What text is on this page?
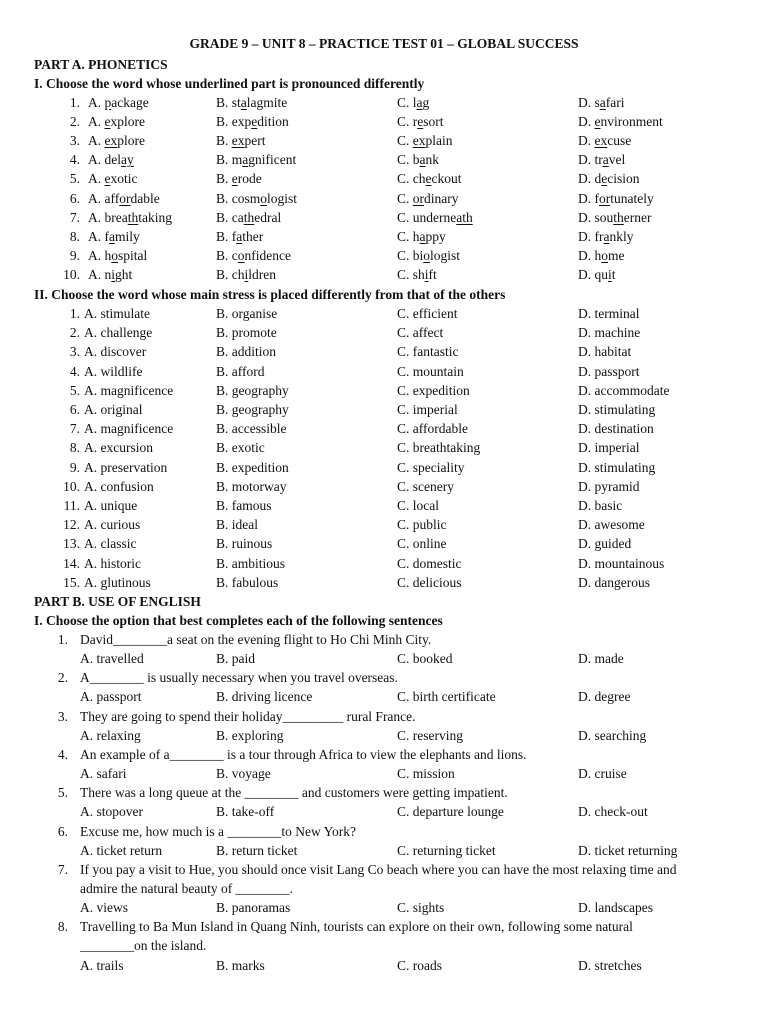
GRADE 9 – UNIT 8 – PRACTICE TEST 01 – GLOBAL SUCCESS
PART A. PHONETICS
I. Choose the word whose underlined part is pronounced differently
1. A. package	B. stalagmite	C. lag	D. safari
2. A. explore	B. expedition	C. resort	D. environment
3. A. explore	B. expert	C. explain	D. excuse
4. A. delay	B. magnificent	C. bank	D. travel
5. A. exotic	B. erode	C. checkout	D. decision
6. A. affordable	B. cosmologist	C. ordinary	D. fortunately
7. A. breathtaking	B. cathedral	C. underneath	D. southerner
8. A. family	B. father	C. happy	D. frankly
9. A. hospital	B. confidence	C. biologist	D. home
10. A. night	B. children	C. shift	D. quit
II. Choose the word whose main stress is placed differently from that of the others
1. A. stimulate	B. organise	C. efficient	D. terminal
2. A. challenge	B. promote	C. affect	D. machine
3. A. discover	B. addition	C. fantastic	D. habitat
4. A. wildlife	B. afford	C. mountain	D. passport
5. A. magnificence	B. geography	C. expedition	D. accommodate
6. A. original	B. geography	C. imperial	D. stimulating
7. A. magnificence	B. accessible	C. affordable	D. destination
8. A. excursion	B. exotic	C. breathtaking	D. imperial
9. A. preservation	B. expedition	C. speciality	D. stimulating
10. A. confusion	B. motorway	C. scenery	D. pyramid
11. A. unique	B. famous	C. local	D. basic
12. A. curious	B. ideal	C. public	D. awesome
13. A. classic	B. ruinous	C. online	D. guided
14. A. historic	B. ambitious	C. domestic	D. mountainous
15. A. glutinous	B. fabulous	C. delicious	D. dangerous
PART B. USE OF ENGLISH
I. Choose the option that best completes each of the following sentences
1. David________a seat on the evening flight to Ho Chi Minh City.
A. travelled	B. paid	C. booked	D. made
2. A________ is usually necessary when you travel overseas.
A. passport	B. driving licence	C. birth certificate	D. degree
3. They are going to spend their holiday_________ rural France.
A. relaxing	B. exploring	C. reserving	D. searching
4. An example of a________ is a tour through Africa to view the elephants and lions.
A. safari	B. voyage	C. mission	D. cruise
5. There was a long queue at the ________ and customers were getting impatient.
A. stopover	B. take-off	C. departure lounge	D. check-out
6. Excuse me, how much is a ________to New York?
A. ticket return	B. return ticket	C. returning ticket	D. ticket returning
7. If you pay a visit to Hue, you should once visit Lang Co beach where you can have the most relaxing time and
admire the natural beauty of ________.
A. views	B. panoramas	C. sights	D. landscapes
8. Travelling to Ba Mun Island in Quang Ninh, tourists can explore on their own, following some natural
________on the island.
A. trails	B. marks	C. roads	D. stretches
